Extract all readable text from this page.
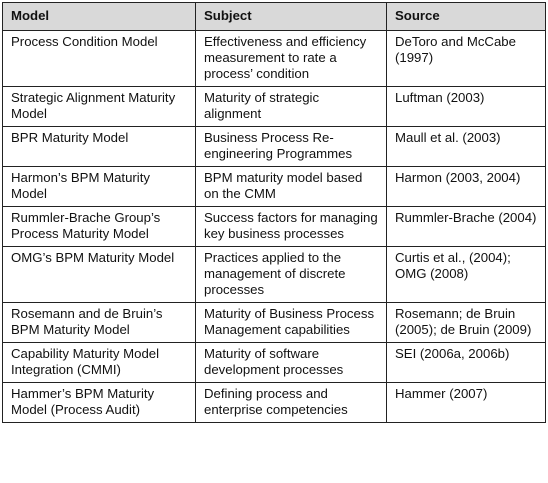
Model	Subject	Source
Process Condition Model	Effectiveness and efficiency measurement to rate a process’ condition	DeToro and McCabe (1997)
Strategic Alignment Maturity Model	Maturity of strategic alignment	Luftman (2003)
BPR Maturity Model	Business Process Re-engineering Programmes	Maull et al. (2003)
Harmon’s BPM Maturity Model	BPM maturity model based on the CMM	Harmon (2003, 2004)
Rummler-Brache Group’s Process Maturity Model	Success factors for managing key business processes	Rummler-Brache (2004)
OMG’s BPM Maturity Model	Practices applied to the management of discrete processes	Curtis et al., (2004); OMG (2008)
Rosemann and de Bruin’s BPM Maturity Model	Maturity of Business Process Management capabilities	Rosemann; de Bruin (2005); de Bruin (2009)
Capability Maturity Model Integration (CMMI)	Maturity of software development processes	SEI (2006a, 2006b)
Hammer’s BPM Maturity Model (Process Audit)	Defining process and enterprise competencies	Hammer (2007)
